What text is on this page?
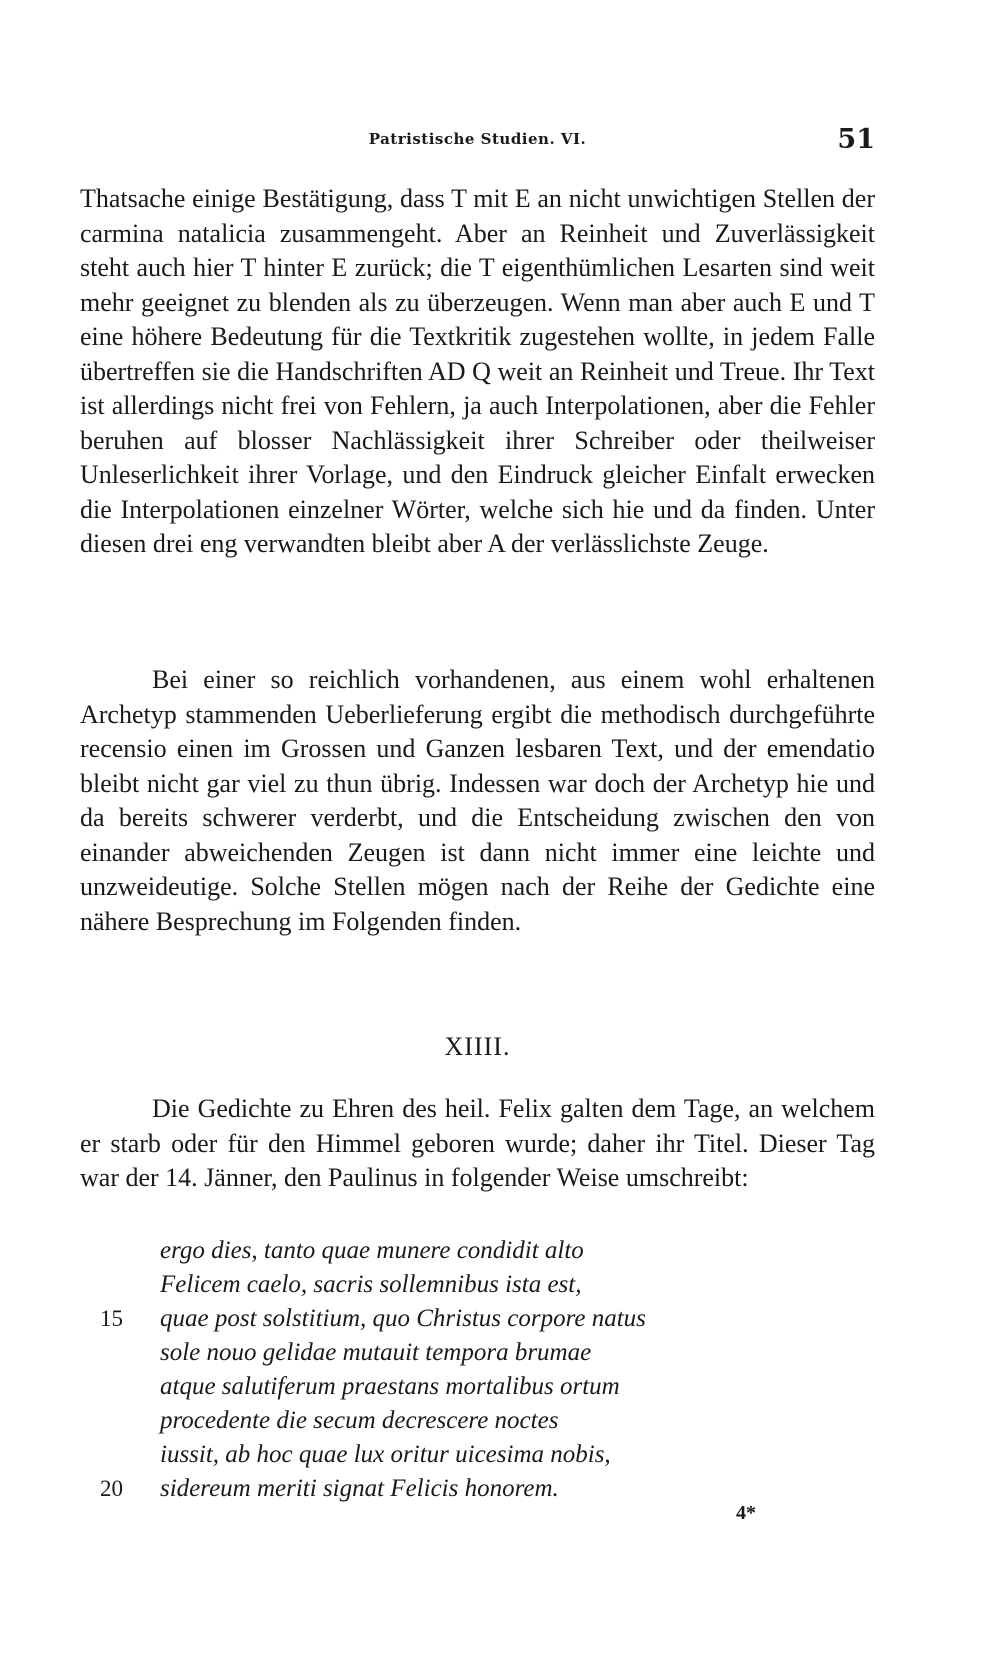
Patristische Studien. VI.	51

Thatsache einige Bestätigung, dass T mit E an nicht unwichtigen Stellen der carmina natalicia zusammengeht. Aber an Reinheit und Zuverlässigkeit steht auch hier T hinter E zurück; die T eigenthümlichen Lesarten sind weit mehr geeignet zu blenden als zu überzeugen. Wenn man aber auch E und T eine höhere Bedeutung für die Textkritik zugestehen wollte, in jedem Falle übertreffen sie die Handschriften AD Q weit an Reinheit und Treue. Ihr Text ist allerdings nicht frei von Fehlern, ja auch Interpolationen, aber die Fehler beruhen auf blosser Nachlässigkeit ihrer Schreiber oder theilweiser Unleserlichkeit ihrer Vorlage, und den Eindruck gleicher Einfalt erwecken die Interpolationen einzelner Wörter, welche sich hie und da finden. Unter diesen drei eng verwandten bleibt aber A der verlässlichste Zeuge.

Bei einer so reichlich vorhandenen, aus einem wohl erhaltenen Archetyp stammenden Ueberlieferung ergibt die methodisch durchgeführte recensio einen im Grossen und Ganzen lesbaren Text, und der emendatio bleibt nicht gar viel zu thun übrig. Indessen war doch der Archetyp hie und da bereits schwerer verderbt, und die Entscheidung zwischen den von einander abweichenden Zeugen ist dann nicht immer eine leichte und unzweideutige. Solche Stellen mögen nach der Reihe der Gedichte eine nähere Besprechung im Folgenden finden.

XIIII.

Die Gedichte zu Ehren des heil. Felix galten dem Tage, an welchem er starb oder für den Himmel geboren wurde; daher ihr Titel. Dieser Tag war der 14. Jänner, den Paulinus in folgender Weise umschreibt:

ergo dies, tanto quae munere condidit alto
Felicem caelo, sacris sollemnibus ista est,
15	quae post solstitium, quo Christus corpore natus
sole nouo gelidae mutauit tempora brumae
atque salutiferum praestans mortalibus ortum
procedente die secum decrescere noctes
iussit, ab hoc quae lux oritur uicesima nobis,
20	sidereum meriti signat Felicis honorem.
4*
